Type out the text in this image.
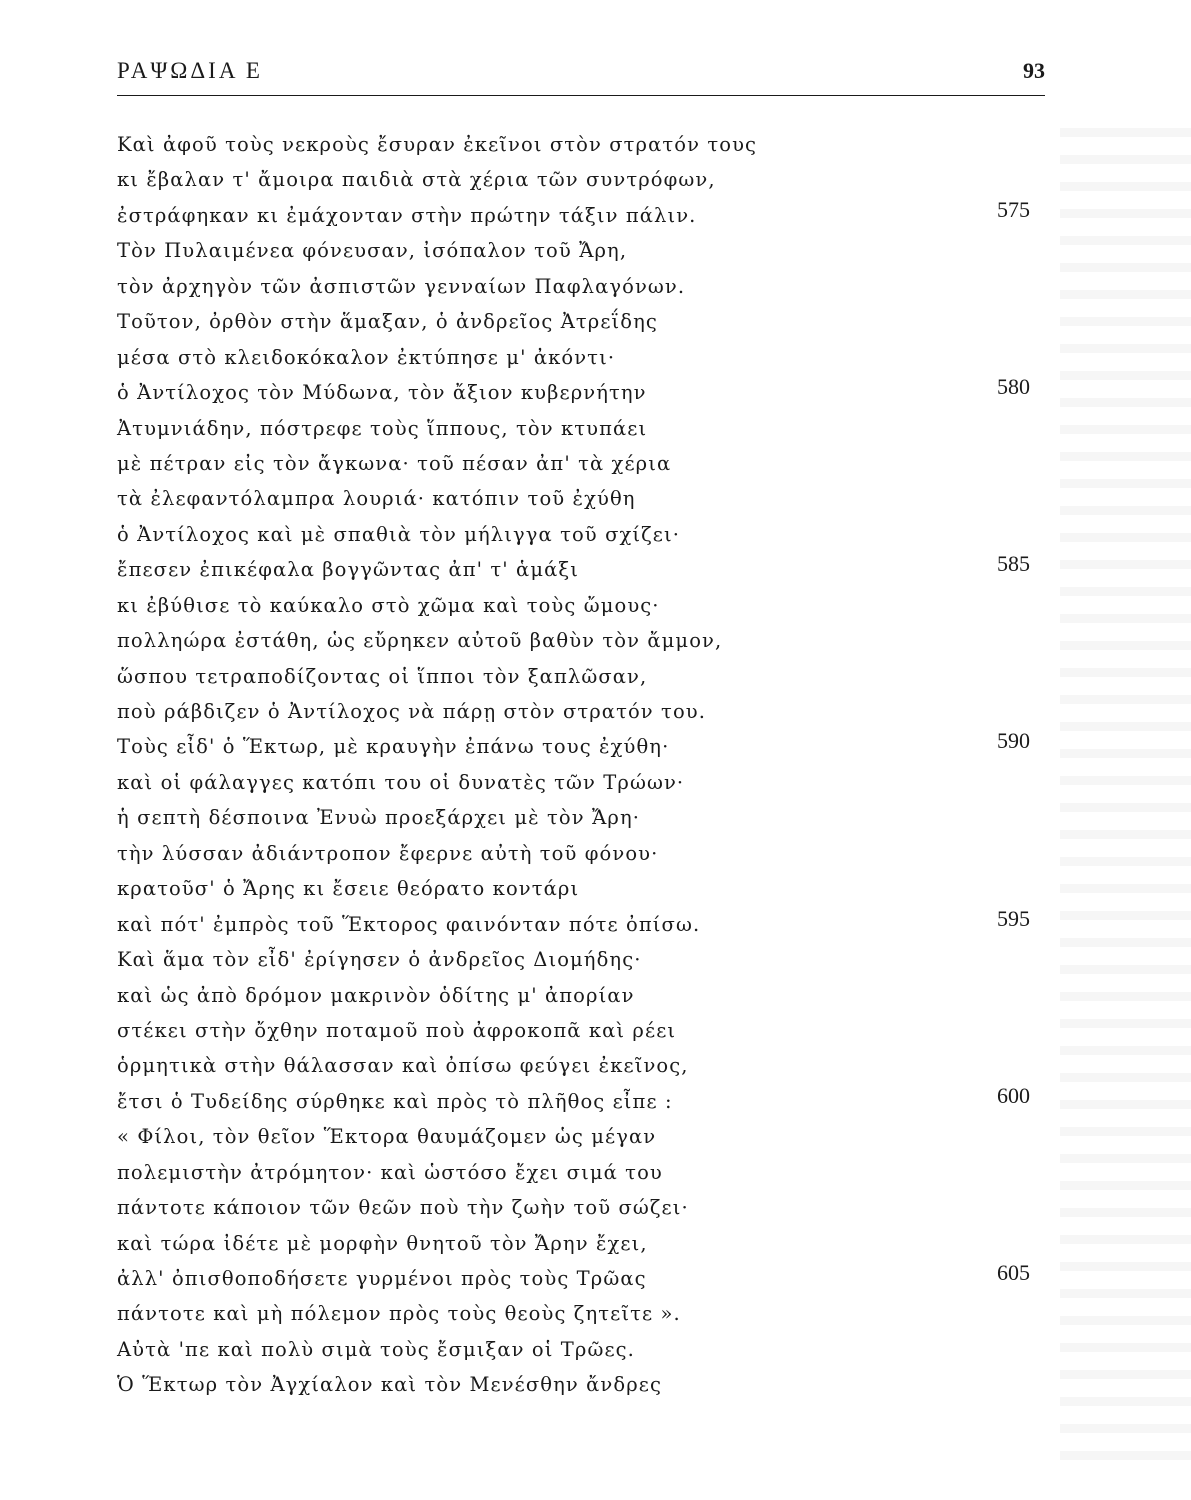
ΡΑΨΩΔΙΑ Ε	93
Καὶ ἀφοῦ τοὺς νεκροὺς ἔσυραν ἐκεῖνοι στὸν στρατόν τους
κι ἔβαλαν τ' ἄμοιρα παιδιὰ στὰ χέρια τῶν συντρόφων,
ἐστράφηκαν κι ἐμάχονταν στὴν πρώτην τάξιν πάλιν.	575
Τὸν Πυλαιμένεα φόνευσαν, ἰσόπαλον τοῦ Ἄρη,
τὸν ἀρχηγὸν τῶν ἀσπιστῶν γενναίων Παφλαγόνων.
Τοῦτον, ὀρθὸν στὴν ἅμαξαν, ὁ ἀνδρεῖος Ἀτρεΐδης
μέσα στὸ κλειδοκόκαλον ἐκτύπησε μ' ἀκόντι·
ὁ Ἀντίλοχος τὸν Μύδωνα, τὸν ἄξιον κυβερνήτην	580
Ἀτυμνιάδην, πόστρεφε τοὺς ἵππους, τὸν κτυπάει
μὲ πέτραν εἰς τὸν ἄγκωνα· τοῦ πέσαν ἀπ' τὰ χέρια
τὰ ἐλεφαντόλαμπρα λουριά· κατόπιν τοῦ ἐχύθη
ὁ Ἀντίλοχος καὶ μὲ σπαθιὰ τὸν μήλιγγα τοῦ σχίζει·
ἔπεσεν ἐπικέφαλα βογγῶντας ἀπ' τ' ἁμάξι	585
κι ἐβύθισε τὸ καύκαλο στὸ χῶμα καὶ τοὺς ὤμους·
πολληώρα ἐστάθη, ὡς εὔρηκεν αὐτοῦ βαθὺν τὸν ἄμμον,
ὥσπου τετραποδίζοντας οἱ ἵπποι τὸν ξαπλῶσαν,
ποὺ ράβδιζεν ὁ Ἀντίλοχος νὰ πάρῃ στὸν στρατόν του.
Τοὺς εἶδ' ὁ Ἕκτωρ, μὲ κραυγὴν ἐπάνω τους ἐχύθη·	590
καὶ οἱ φάλαγγες κατόπι του οἱ δυνατὲς τῶν Τρώων·
ἡ σεπτὴ δέσποινα Ἐνυὼ προεξάρχει μὲ τὸν Ἄρη·
τὴν λύσσαν ἀδιάντροπον ἔφερνε αὐτὴ τοῦ φόνου·
κρατοῦσ' ὁ Ἄρης κι ἔσειε θεόρατο κοντάρι
καὶ πότ' ἐμπρὸς τοῦ Ἕκτορος φαινόνταν πότε ὀπίσω.	595
Καὶ ἅμα τὸν εἶδ' ἐρίγησεν ὁ ἀνδρεῖος Διομήδης·
καὶ ὡς ἀπὸ δρόμον μακρινὸν ὁδίτης μ' ἀπορίαν
στέκει στὴν ὄχθην ποταμοῦ ποὺ ἀφροκοπᾶ καὶ ρέει
ὁρμητικὰ στὴν θάλασσαν καὶ ὀπίσω φεύγει ἐκεῖνος,
ἔτσι ὁ Τυδείδης σύρθηκε καὶ πρὸς τὸ πλῆθος εἶπε :	600
« Φίλοι, τὸν θεῖον Ἕκτορα θαυμάζομεν ὡς μέγαν
πολεμιστὴν ἀτρόμητον· καὶ ὡστόσο ἔχει σιμά του
πάντοτε κάποιον τῶν θεῶν ποὺ τὴν ζωὴν τοῦ σώζει·
καὶ τώρα ἰδέτε μὲ μορφὴν θνητοῦ τὸν Ἄρην ἔχει,
ἀλλ' ὀπισθοποδήσετε γυρμένοι πρὸς τοὺς Τρῶας	605
πάντοτε καὶ μὴ πόλεμον πρὸς τοὺς θεοὺς ζητεῖτε ».
Αὐτὰ 'πε καὶ πολὺ σιμὰ τοὺς ἔσμιξαν οἱ Τρῶες.
Ὁ Ἕκτωρ τὸν Ἀγχίαλον καὶ τὸν Μενέσθην ἄνδρες
